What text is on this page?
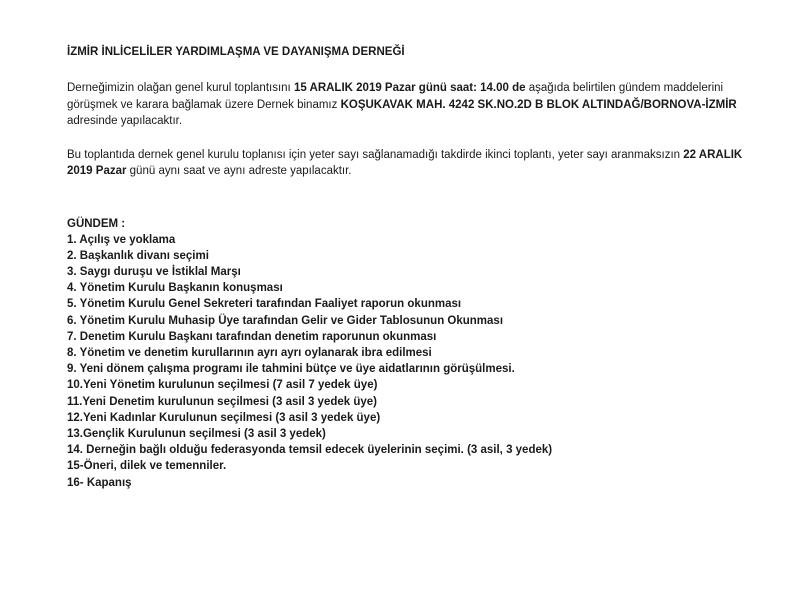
İZMİR İNLİCELİLER YARDIMLAŞMA VE DAYANIŞMA DERNEĞİ

Derneğimizin olağan genel kurul toplantısını 15 ARALIK 2019 Pazar günü saat: 14.00 de aşağıda belirtilen gündem maddelerini görüşmek ve karara bağlamak üzere Dernek binamız KOŞUKAVAK MAH. 4242 SK.NO.2D B BLOK ALTINDAĞ/BORNOVA-İZMİR adresinde yapılacaktır.

Bu toplantıda dernek genel kurulu toplanısı için yeter sayı sağlanamadığı takdirde ikinci toplantı, yeter sayı aranmaksızın 22 ARALIK 2019 Pazar günü aynı saat ve aynı adreste yapılacaktır.

GÜNDEM :
1. Açılış ve yoklama
2. Başkanlık divanı seçimi
3. Saygı duruşu ve İstiklal Marşı
4. Yönetim Kurulu Başkanın konuşması
5. Yönetim Kurulu Genel Sekreteri tarafından Faaliyet raporun okunması
6. Yönetim Kurulu Muhasip Üye tarafından Gelir ve Gider Tablosunun Okunması
7. Denetim Kurulu Başkanı tarafından denetim raporunun okunması
8. Yönetim ve denetim kurullarının ayrı ayrı oylanarak ibra edilmesi
9. Yeni dönem çalışma programı ile tahmini bütçe ve üye aidatlarının görüşülmesi.
10.Yeni Yönetim kurulunun seçilmesi (7 asil 7 yedek üye)
11.Yeni Denetim kurulunun seçilmesi (3 asil 3 yedek üye)
12.Yeni Kadınlar Kurulunun seçilmesi (3 asil 3 yedek üye)
13.Gençlik Kurulunun seçilmesi (3 asil 3 yedek)
14. Derneğin bağlı olduğu federasyonda temsil edecek üyelerinin seçimi. (3 asil, 3 yedek)
15-Öneri, dilek ve temenniler.
16- Kapanış
